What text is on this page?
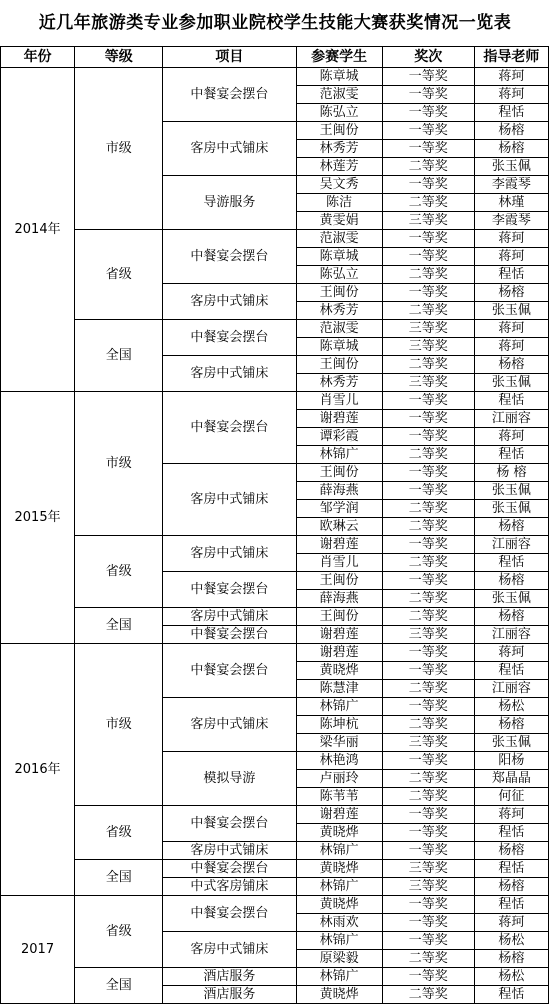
近几年旅游类专业参加职业院校学生技能大赛获奖情况一览表
年份	等级	项目	参赛学生	奖次	指导老师
2014年	市级	中餐宴会摆台	陈章城	一等奖	蒋珂
			范淑雯	一等奖	蒋珂
			陈弘立	一等奖	程恬
		客房中式铺床	王闽份	一等奖	杨榕
			林秀芳	一等奖	杨榕
			林莲芳	二等奖	张玉佩
		导游服务	吴文秀	一等奖	李霞琴
			陈洁	二等奖	林瑾
			黄雯娟	三等奖	李霞琴
	省级	中餐宴会摆台	范淑雯	一等奖	蒋珂
			陈章城	一等奖	蒋珂
			陈弘立	二等奖	程恬
		客房中式铺床	王闽份	一等奖	杨榕
			林秀芳	二等奖	张玉佩
	全国	中餐宴会摆台	范淑雯	三等奖	蒋珂
			陈章城	三等奖	蒋珂
		客房中式铺床	王闽份	二等奖	杨榕
			林秀芳	三等奖	张玉佩
2015年	市级	中餐宴会摆台	肖雪儿	一等奖	程恬
			谢碧莲	一等奖	江丽容
			谭彩霞	一等奖	蒋珂
			林锦广	二等奖	程恬
		客房中式铺床	王闽份	一等奖	杨 榕
			薛海燕	一等奖	张玉佩
			邹学润	二等奖	张玉佩
			欧琳云	二等奖	杨榕
	省级	客房中式铺床	谢碧莲	一等奖	江丽容
			肖雪儿	二等奖	程恬
		中餐宴会摆台	王闽份	一等奖	杨榕
			薛海燕	二等奖	张玉佩
	全国	客房中式铺床	王闽份	二等奖	杨榕
		中餐宴会摆台	谢碧莲	三等奖	江丽容
2016年	市级	中餐宴会摆台	谢碧莲	一等奖	蒋珂
			黄晓烨	一等奖	程恬
			陈慧津	二等奖	江丽容
		客房中式铺床	林锦广	一等奖	杨松
			陈坤杭	二等奖	杨榕
			梁华丽	三等奖	张玉佩
		模拟导游	林艳鸿	一等奖	阳杨
			卢丽玲	二等奖	郑晶晶
			陈苇苇	二等奖	何征
	省级	中餐宴会摆台	谢碧莲	一等奖	蒋珂
			黄晓烨	一等奖	程恬
		客房中式铺床	林锦广	一等奖	杨榕
	全国	中餐宴会摆台	黄晓烨	三等奖	程恬
		中式客房铺床	林锦广	三等奖	杨榕
2017	省级	中餐宴会摆台	黄晓烨	一等奖	程恬
			林雨欢	一等奖	蒋珂
		客房中式铺床	林锦广	一等奖	杨松
			原梁毅	二等奖	杨榕
	全国	酒店服务	林锦广	一等奖	杨松
		酒店服务	黄晓烨	二等奖	程恬
